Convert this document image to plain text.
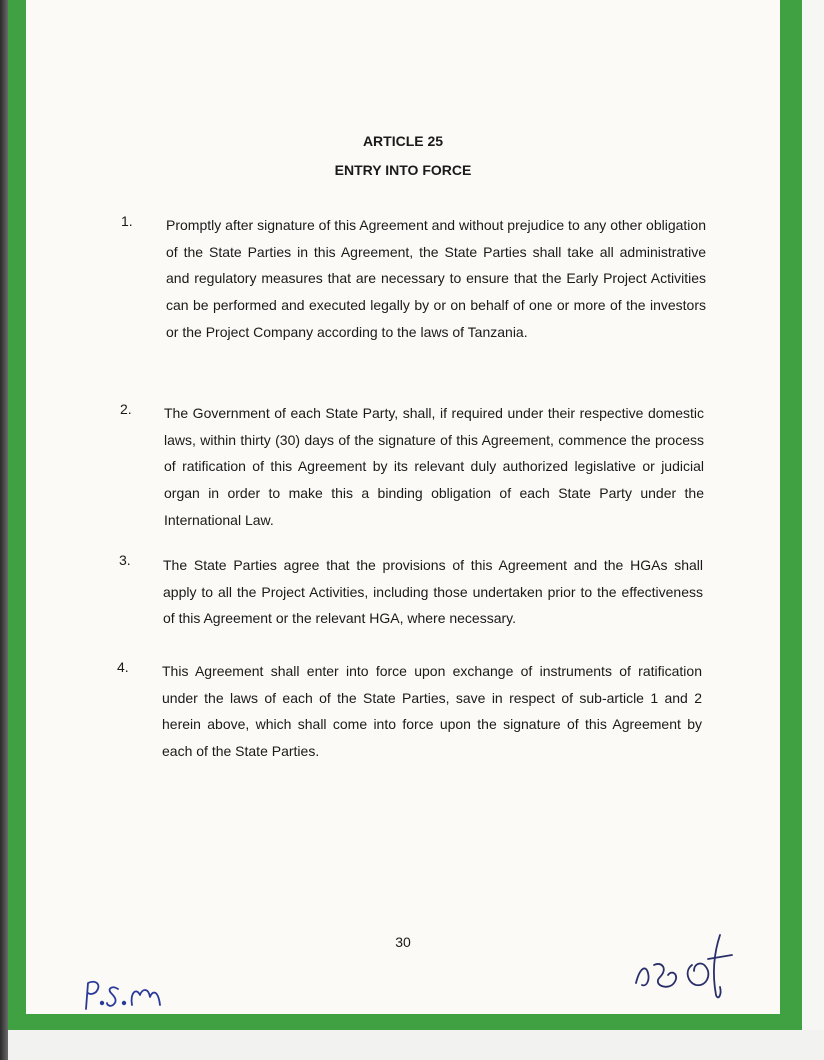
ARTICLE 25
ENTRY INTO FORCE
1. Promptly after signature of this Agreement and without prejudice to any other obligation of the State Parties in this Agreement, the State Parties shall take all administrative and regulatory measures that are necessary to ensure that the Early Project Activities can be performed and executed legally by or on behalf of one or more of the investors or the Project Company according to the laws of Tanzania.

2. The Government of each State Party, shall, if required under their respective domestic laws, within thirty (30) days of the signature of this Agreement, commence the process of ratification of this Agreement by its relevant duly authorized legislative or judicial organ in order to make this a binding obligation of each State Party under the International Law.

3. The State Parties agree that the provisions of this Agreement and the HGAs shall apply to all the Project Activities, including those undertaken prior to the effectiveness of this Agreement or the relevant HGA, where necessary.

4. This Agreement shall enter into force upon exchange of instruments of ratification under the laws of each of the State Parties, save in respect of sub-article 1 and 2 herein above, which shall come into force upon the signature of this Agreement by each of the State Parties.

30
